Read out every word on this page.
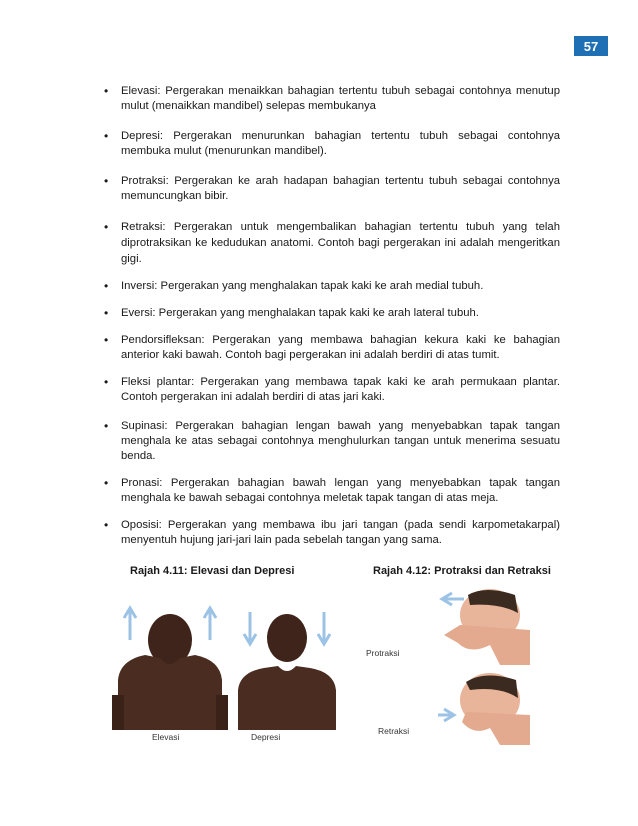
57
• Elevasi: Pergerakan menaikkan bahagian tertentu tubuh sebagai contohnya menutup mulut (menaikkan mandibel) selepas membukanya
• Depresi: Pergerakan menurunkan bahagian tertentu tubuh sebagai contohnya membuka mulut (menurunkan mandibel).
• Protraksi: Pergerakan ke arah hadapan bahagian tertentu tubuh sebagai contohnya memuncungkan bibir.
• Retraksi: Pergerakan untuk mengembalikan bahagian tertentu tubuh yang telah diprotraksikan ke kedudukan anatomi. Contoh bagi pergerakan ini adalah mengeritkan gigi.
• Inversi: Pergerakan yang menghalakan tapak kaki ke arah medial tubuh.
• Eversi: Pergerakan yang menghalakan tapak kaki ke arah lateral tubuh.
• Pendorsifleksan: Pergerakan yang membawa bahagian kekura kaki ke bahagian anterior kaki bawah. Contoh bagi pergerakan ini adalah berdiri di atas tumit.
• Fleksi plantar: Pergerakan yang membawa tapak kaki ke arah permukaan plantar. Contoh pergerakan ini adalah berdiri di atas jari kaki.
• Supinasi: Pergerakan bahagian lengan bawah yang menyebabkan tapak tangan menghala ke atas sebagai contohnya menghulurkan tangan untuk menerima sesuatu benda.
• Pronasi: Pergerakan bahagian bawah lengan yang menyebabkan tapak tangan menghala ke bawah sebagai contohnya meletak tapak tangan di atas meja.
• Oposisi: Pergerakan yang membawa ibu jari tangan (pada sendi karpometakarpal) menyentuh hujung jari-jari lain pada sebelah tangan yang sama.
Rajah 4.11: Elevasi dan Depresi	Rajah 4.12: Protraksi dan Retraksi
Elevasi	Depresi
Protraksi
Retraksi
